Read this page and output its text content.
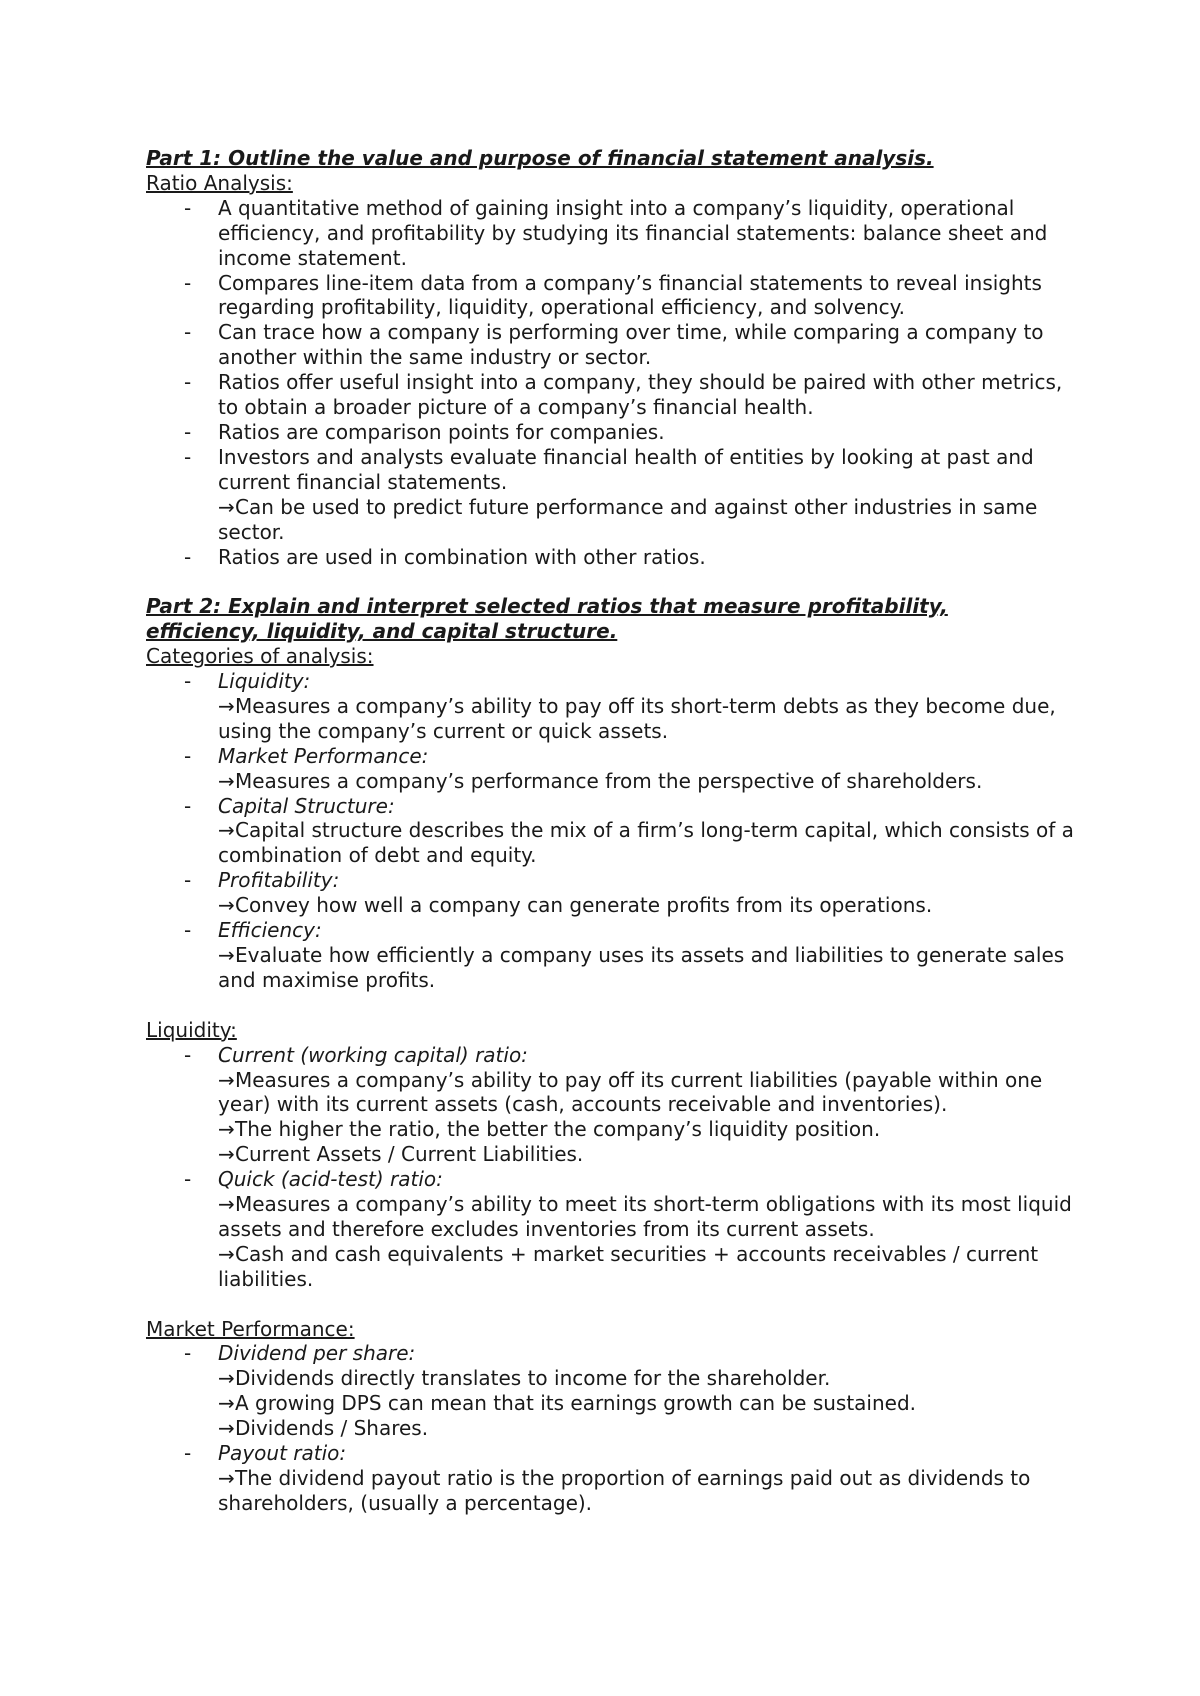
Part 1: Outline the value and purpose of financial statement analysis.

Ratio Analysis:

- A quantitative method of gaining insight into a company’s liquidity, operational efficiency, and profitability by studying its financial statements: balance sheet and income statement.
- Compares line-item data from a company’s financial statements to reveal insights regarding profitability, liquidity, operational efficiency, and solvency.
- Can trace how a company is performing over time, while comparing a company to another within the same industry or sector.
- Ratios offer useful insight into a company, they should be paired with other metrics, to obtain a broader picture of a company’s financial health.
- Ratios are comparison points for companies.
- Investors and analysts evaluate financial health of entities by looking at past and current financial statements.
→Can be used to predict future performance and against other industries in same sector.
- Ratios are used in combination with other ratios.

Part 2: Explain and interpret selected ratios that measure profitability,
efficiency, liquidity, and capital structure.

Categories of analysis:

- Liquidity:
→Measures a company’s ability to pay off its short-term debts as they become due, using the company’s current or quick assets.
- Market Performance:
→Measures a company’s performance from the perspective of shareholders.
- Capital Structure:
→Capital structure describes the mix of a firm’s long-term capital, which consists of a combination of debt and equity.
- Profitability:
→Convey how well a company can generate profits from its operations.
- Efficiency:
→Evaluate how efficiently a company uses its assets and liabilities to generate sales and maximise profits.

Liquidity:

- Current (working capital) ratio:
→Measures a company’s ability to pay off its current liabilities (payable within one year) with its current assets (cash, accounts receivable and inventories).
→The higher the ratio, the better the company’s liquidity position.
→Current Assets / Current Liabilities.
- Quick (acid-test) ratio:
→Measures a company’s ability to meet its short-term obligations with its most liquid assets and therefore excludes inventories from its current assets.
→Cash and cash equivalents + market securities + accounts receivables / current liabilities.

Market Performance:

- Dividend per share:
→Dividends directly translates to income for the shareholder.
→A growing DPS can mean that its earnings growth can be sustained.
→Dividends / Shares.
- Payout ratio:
→The dividend payout ratio is the proportion of earnings paid out as dividends to shareholders, (usually a percentage).
